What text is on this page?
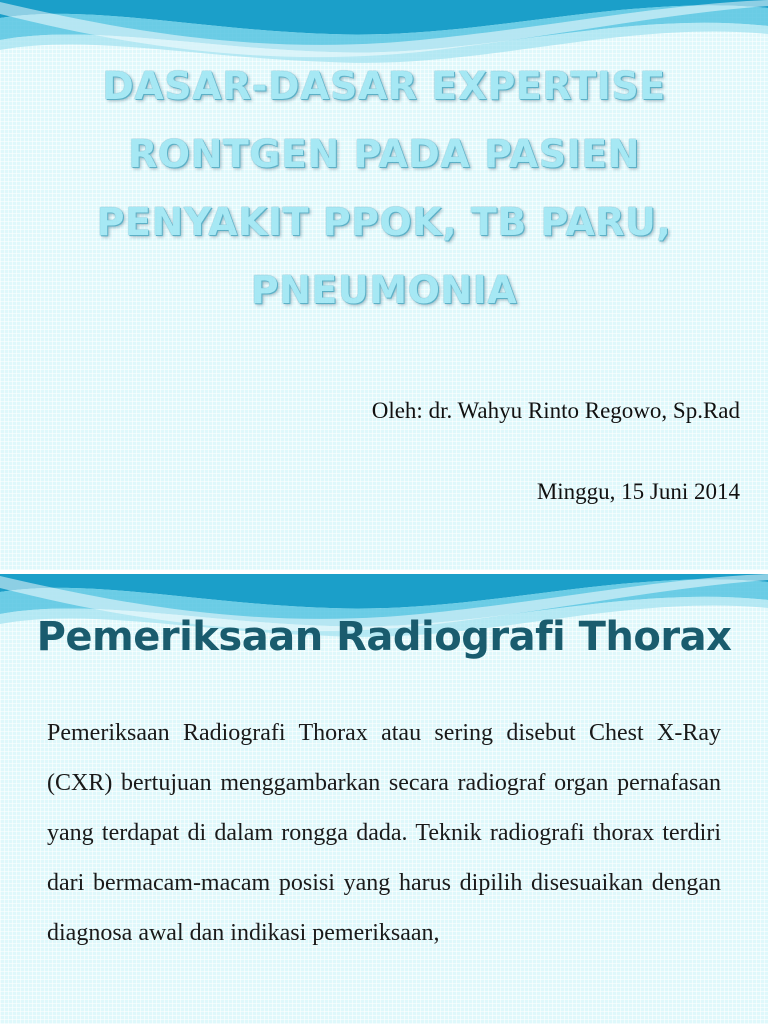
DASAR-DASAR EXPERTISE
RONTGEN PADA PASIEN
PENYAKIT PPOK, TB PARU,
PNEUMONIA

Oleh: dr. Wahyu Rinto Regowo, Sp.Rad

Minggu, 15 Juni 2014

Pemeriksaan Radiografi Thorax

Pemeriksaan Radiografi Thorax atau sering disebut Chest X-Ray (CXR) bertujuan menggambarkan secara radiograf organ pernafasan yang terdapat di dalam rongga dada. Teknik radiografi thorax terdiri dari bermacam-macam posisi yang harus dipilih disesuaikan dengan diagnosa awal dan indikasi pemeriksaan,
